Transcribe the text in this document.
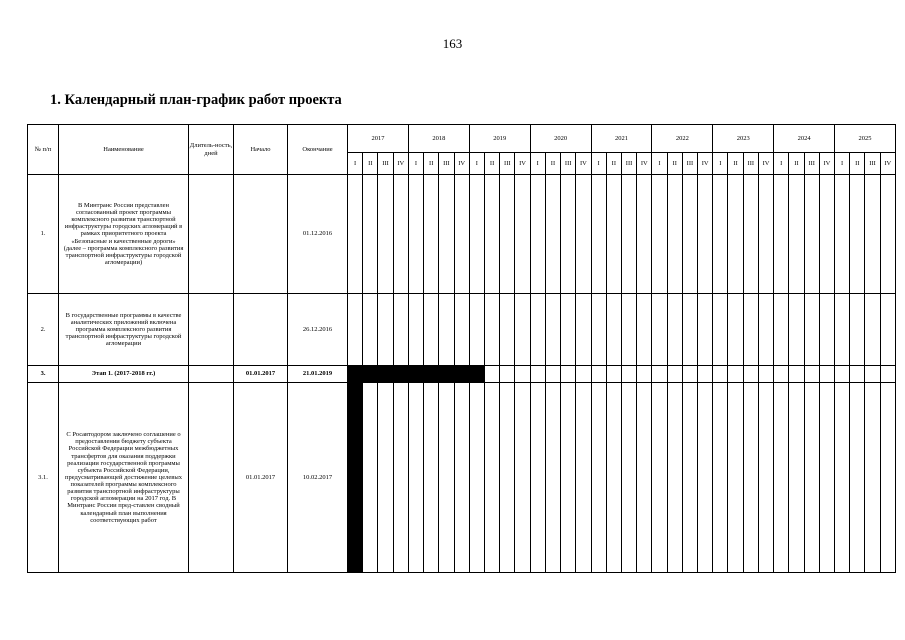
163
1. Календарный план-график работ проекта
№ п/п	Наименование	Длитель-ность, дней	Начало	Окончание	2017				2018				2019				2020				2021				2022				2023				2024				2025			
					I	II	III	IV	I	II	III	IV	I	II	III	IV	I	II	III	IV	I	II	III	IV	I	II	III	IV	I	II	III	IV	I	II	III	IV	I	II	III	IV
1.	В Минтранс России представлен согласованный проект программы комплексного развития транспортной инфраструктуры городских агломераций в рамках приоритетного проекта «Безопасные и качественные дороги» (далее – программа комплексного развития транспортной инфраструктуры городской агломерации)			01.12.2016																																				
2.	В государственные программы в качестве аналитических приложений включена программа комплексного развития транспортной инфраструктуры городской агломерации			26.12.2016																																				
3.	Этап 1. (2017-2018 гг.)		01.01.2017	21.01.2019																																				
3.1.	С Росавтодором заключено соглашение о предоставлении бюджету субъекта Российской Федерации межбюджетных трансфертов для оказания поддержки реализации государственной программы субъекта Российской Федерации, предусматривающей достижение целевых показателей программы комплексного развития транспортной инфраструктуры городской агломерации на 2017 год. В Минтранс России пред-ставлен сводный календарный план выполнения соответствующих работ		01.01.2017	10.02.2017																																				
